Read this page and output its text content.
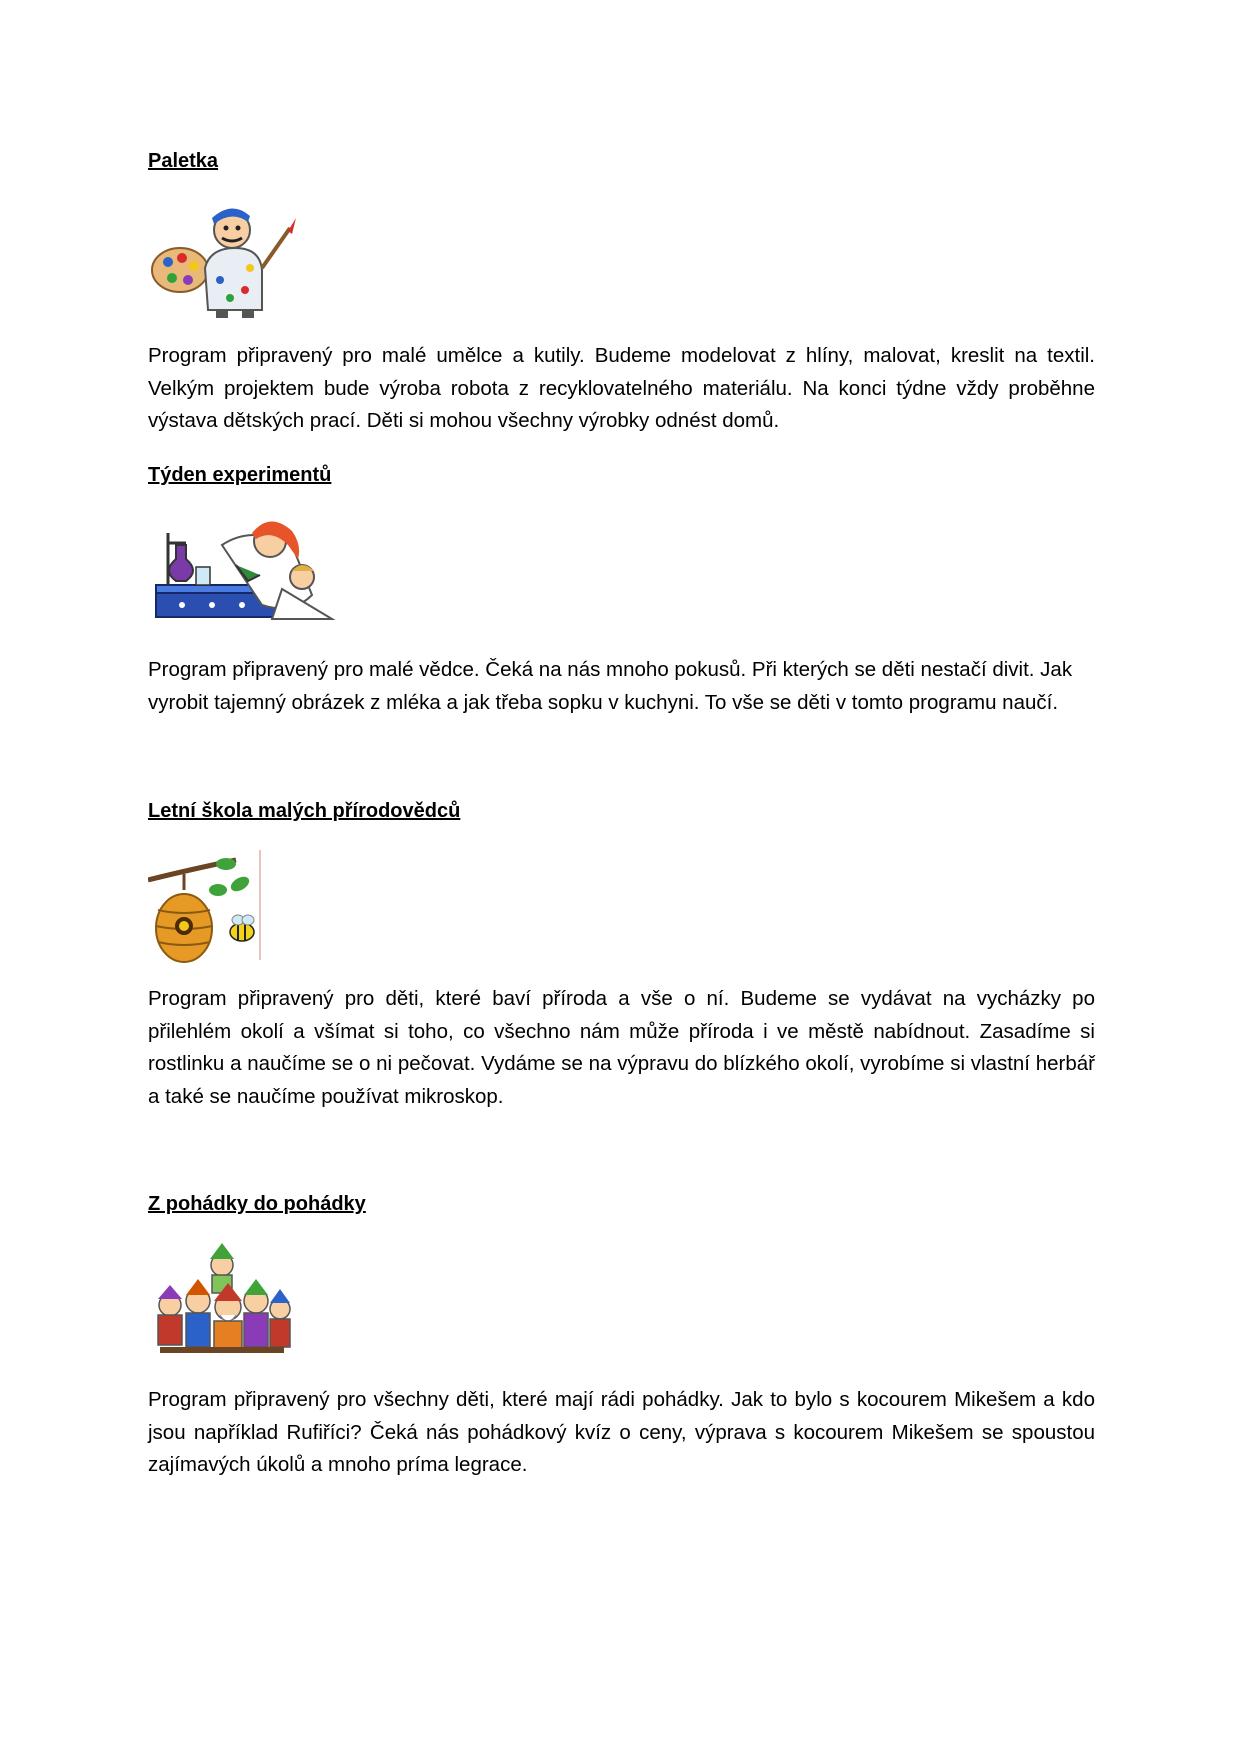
Paletka

Program připravený pro malé umělce a kutily. Budeme modelovat z hlíny, malovat, kreslit na textil. Velkým projektem bude výroba robota z recyklovatelného materiálu. Na konci týdne vždy proběhne výstava dětských prací. Děti si mohou všechny výrobky odnést domů.

Týden experimentů

Program připravený pro malé vědce. Čeká na nás mnoho pokusů. Při kterých se děti nestačí divit. Jak vyrobit tajemný obrázek z mléka a jak třeba sopku v kuchyni. To vše se děti v tomto programu naučí.

Letní škola malých přírodovědců

Program připravený pro děti, které baví příroda a vše o ní. Budeme se vydávat na vycházky po přilehlém okolí a všímat si toho, co všechno nám může příroda i ve městě nabídnout. Zasadíme si rostlinku a naučíme se o ni pečovat. Vydáme se na výpravu do blízkého okolí, vyrobíme si vlastní herbář a také se naučíme používat mikroskop.

Z pohádky do pohádky

Program připravený pro všechny děti, které mají rádi pohádky. Jak to bylo s kocourem Mikešem a kdo jsou například Rufiříci? Čeká nás pohádkový kvíz o ceny, výprava s kocourem Mikešem se spoustou zajímavých úkolů a mnoho príma legrace.
